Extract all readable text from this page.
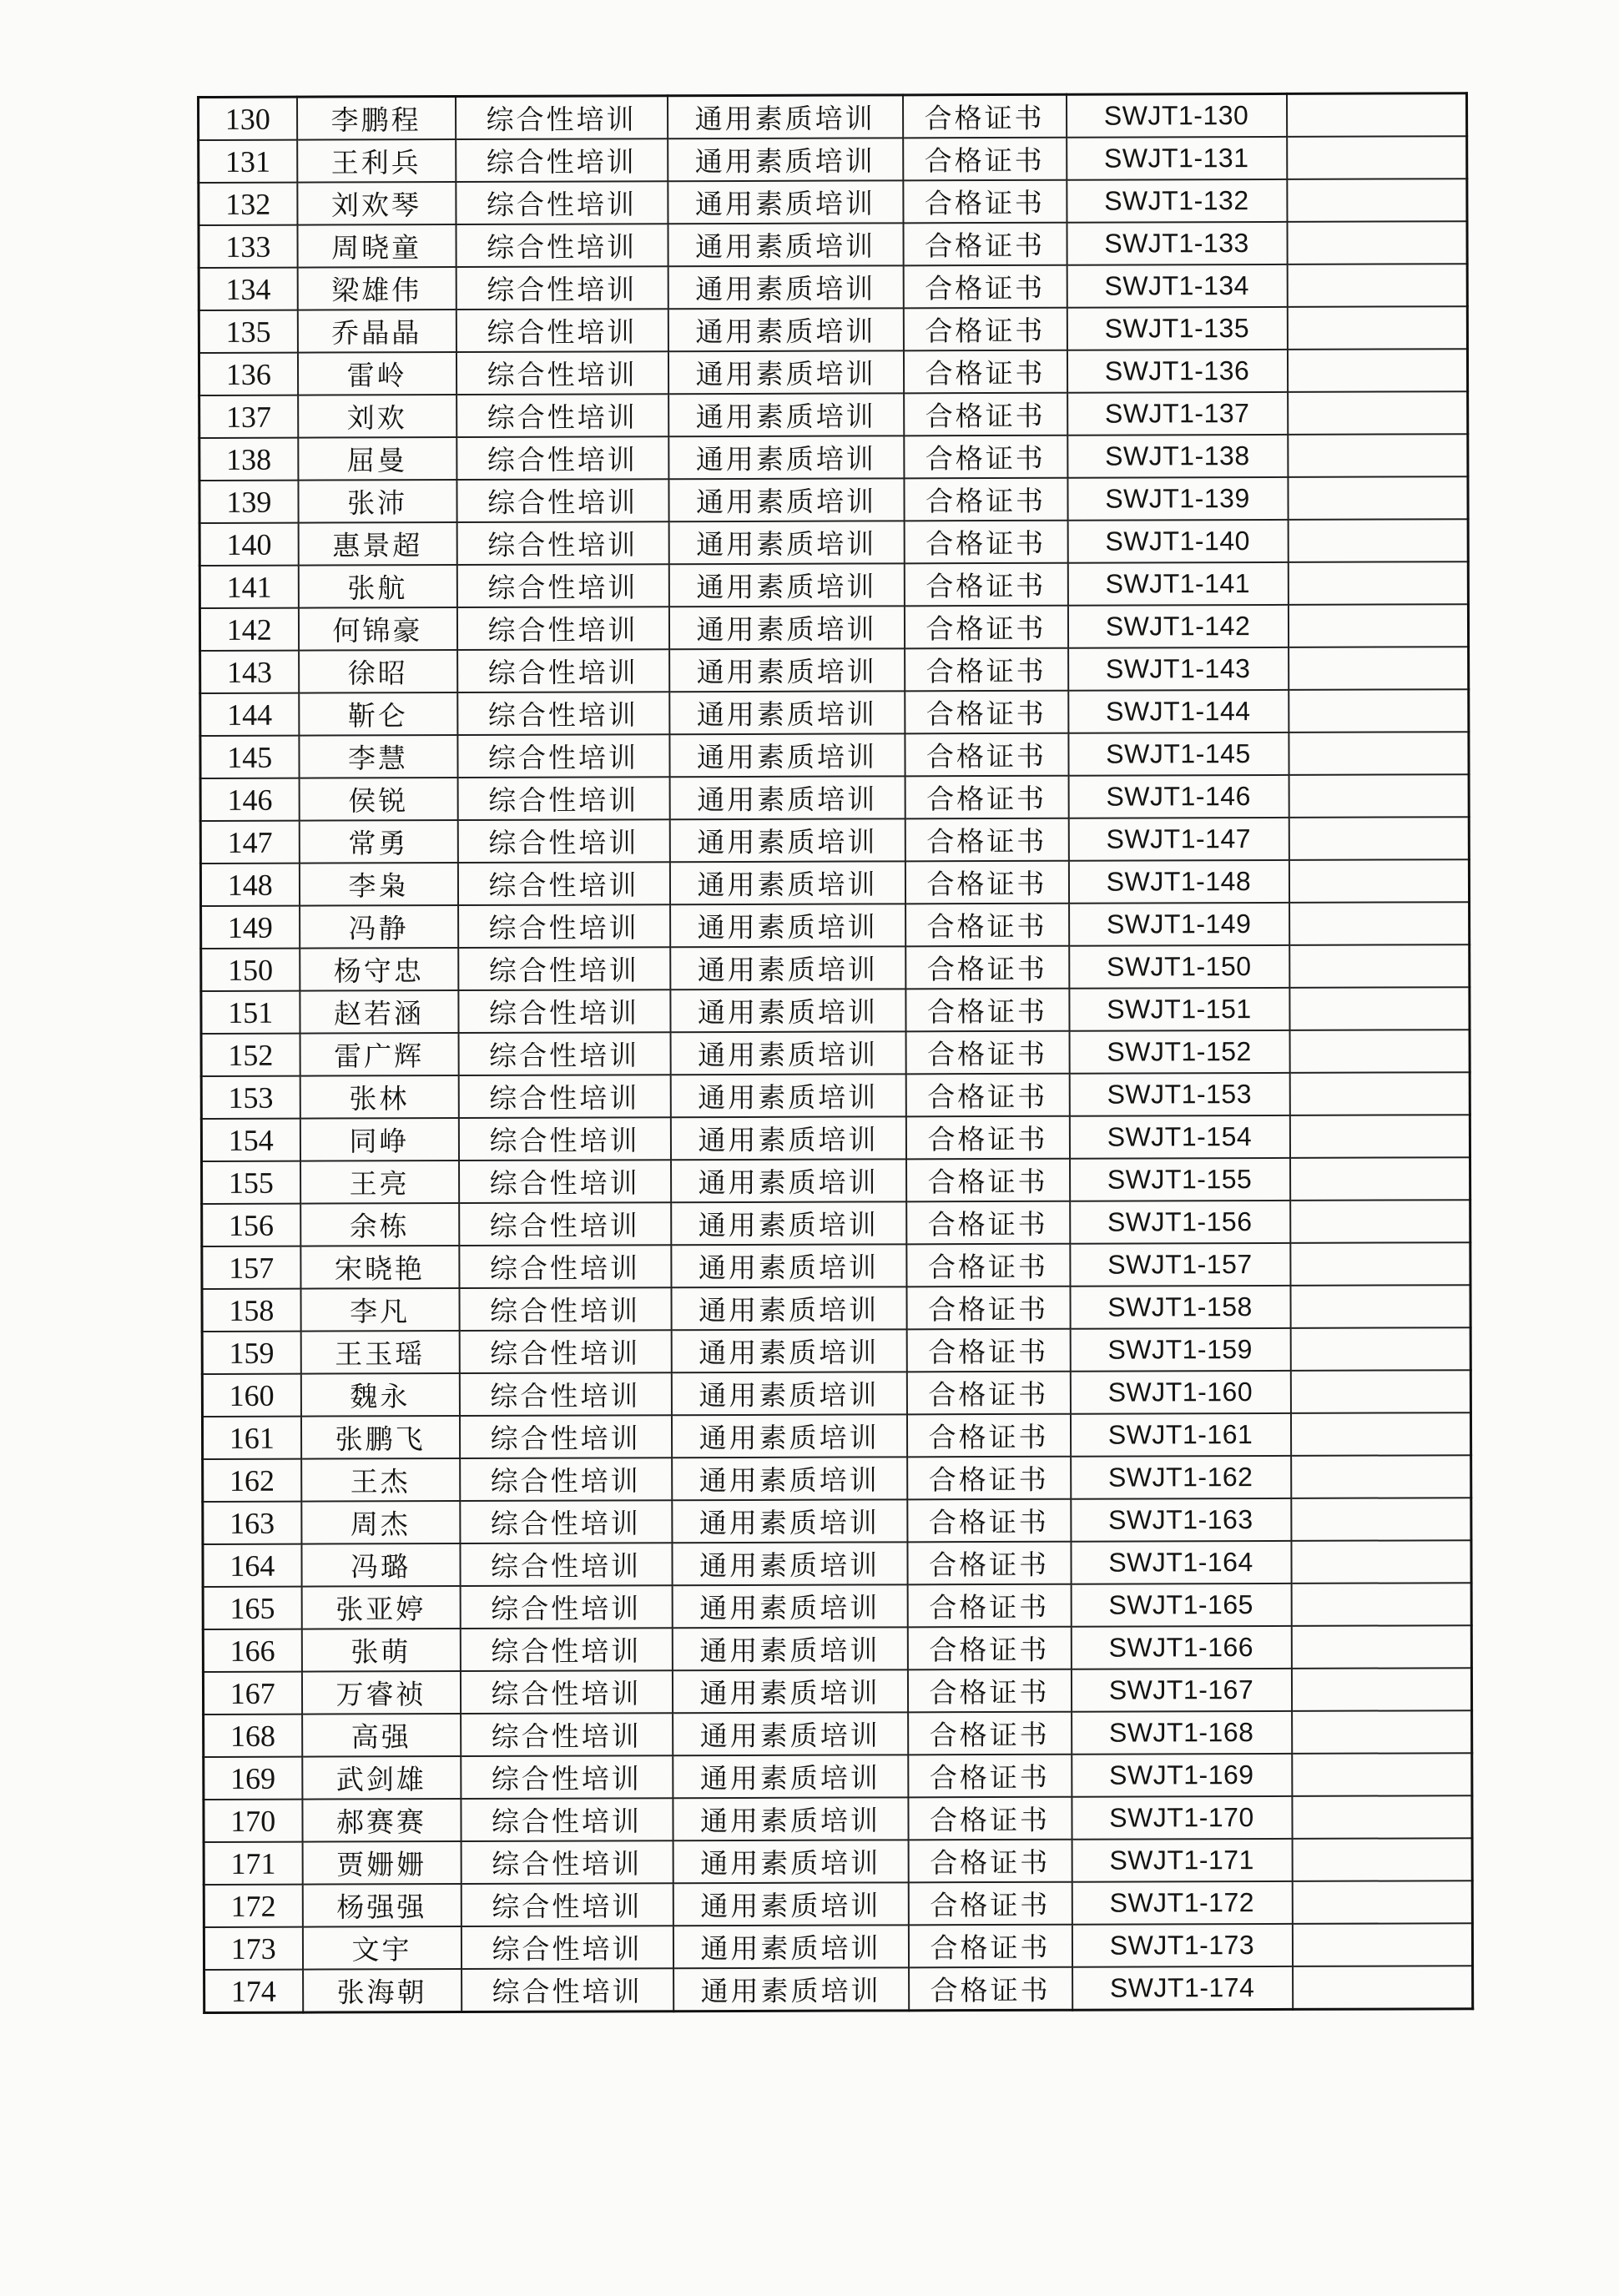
130	李鹏程	综合性培训	通用素质培训	合格证书	SWJT1-130	
131	王利兵	综合性培训	通用素质培训	合格证书	SWJT1-131	
132	刘欢琴	综合性培训	通用素质培训	合格证书	SWJT1-132	
133	周晓童	综合性培训	通用素质培训	合格证书	SWJT1-133	
134	梁雄伟	综合性培训	通用素质培训	合格证书	SWJT1-134	
135	乔晶晶	综合性培训	通用素质培训	合格证书	SWJT1-135	
136	雷岭	综合性培训	通用素质培训	合格证书	SWJT1-136	
137	刘欢	综合性培训	通用素质培训	合格证书	SWJT1-137	
138	屈曼	综合性培训	通用素质培训	合格证书	SWJT1-138	
139	张沛	综合性培训	通用素质培训	合格证书	SWJT1-139	
140	惠景超	综合性培训	通用素质培训	合格证书	SWJT1-140	
141	张航	综合性培训	通用素质培训	合格证书	SWJT1-141	
142	何锦豪	综合性培训	通用素质培训	合格证书	SWJT1-142	
143	徐昭	综合性培训	通用素质培训	合格证书	SWJT1-143	
144	靳仑	综合性培训	通用素质培训	合格证书	SWJT1-144	
145	李慧	综合性培训	通用素质培训	合格证书	SWJT1-145	
146	侯锐	综合性培训	通用素质培训	合格证书	SWJT1-146	
147	常勇	综合性培训	通用素质培训	合格证书	SWJT1-147	
148	李枭	综合性培训	通用素质培训	合格证书	SWJT1-148	
149	冯静	综合性培训	通用素质培训	合格证书	SWJT1-149	
150	杨守忠	综合性培训	通用素质培训	合格证书	SWJT1-150	
151	赵若涵	综合性培训	通用素质培训	合格证书	SWJT1-151	
152	雷广辉	综合性培训	通用素质培训	合格证书	SWJT1-152	
153	张林	综合性培训	通用素质培训	合格证书	SWJT1-153	
154	同峥	综合性培训	通用素质培训	合格证书	SWJT1-154	
155	王亮	综合性培训	通用素质培训	合格证书	SWJT1-155	
156	余栋	综合性培训	通用素质培训	合格证书	SWJT1-156	
157	宋晓艳	综合性培训	通用素质培训	合格证书	SWJT1-157	
158	李凡	综合性培训	通用素质培训	合格证书	SWJT1-158	
159	王玉瑶	综合性培训	通用素质培训	合格证书	SWJT1-159	
160	魏永	综合性培训	通用素质培训	合格证书	SWJT1-160	
161	张鹏飞	综合性培训	通用素质培训	合格证书	SWJT1-161	
162	王杰	综合性培训	通用素质培训	合格证书	SWJT1-162	
163	周杰	综合性培训	通用素质培训	合格证书	SWJT1-163	
164	冯璐	综合性培训	通用素质培训	合格证书	SWJT1-164	
165	张亚婷	综合性培训	通用素质培训	合格证书	SWJT1-165	
166	张萌	综合性培训	通用素质培训	合格证书	SWJT1-166	
167	万睿祯	综合性培训	通用素质培训	合格证书	SWJT1-167	
168	高强	综合性培训	通用素质培训	合格证书	SWJT1-168	
169	武剑雄	综合性培训	通用素质培训	合格证书	SWJT1-169	
170	郝赛赛	综合性培训	通用素质培训	合格证书	SWJT1-170	
171	贾姗姗	综合性培训	通用素质培训	合格证书	SWJT1-171	
172	杨强强	综合性培训	通用素质培训	合格证书	SWJT1-172	
173	文宇	综合性培训	通用素质培训	合格证书	SWJT1-173	
174	张海朝	综合性培训	通用素质培训	合格证书	SWJT1-174	
